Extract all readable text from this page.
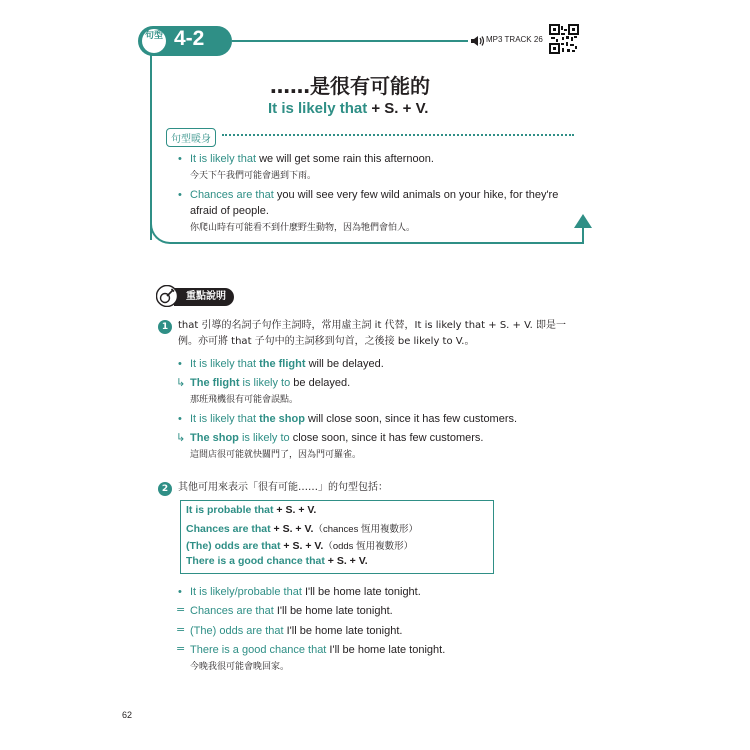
句型 4-2	MP3 TRACK 26
……是很有可能的
It is likely that + S. + V.
句型暖身
• It is likely that we will get some rain this afternoon.
今天下午我們可能會遇到下雨。
• Chances are that you will see very few wild animals on your hike, for they're
afraid of people.
你爬山時有可能看不到什麼野生動物，因為牠們會怕人。
重點說明
1 that 引導的名詞子句作主詞時，常用虛主詞 it 代替，It is likely that + S. + V. 即是一
例。亦可將 that 子句中的主詞移到句首，之後接 be likely to V.。
• It is likely that the flight will be delayed.
↳ The flight is likely to be delayed.
那班飛機很有可能會誤點。
• It is likely that the shop will close soon, since it has few customers.
↳ The shop is likely to close soon, since it has few customers.
這間店很可能就快關門了，因為門可羅雀。
2 其他可用來表示「很有可能……」的句型包括：
It is probable that + S. + V.
Chances are that + S. + V.（chances 恆用複數形）
(The) odds are that + S. + V.（odds 恆用複數形）
There is a good chance that + S. + V.
• It is likely/probable that I'll be home late tonight.
= Chances are that I'll be home late tonight.
= (The) odds are that I'll be home late tonight.
= There is a good chance that I'll be home late tonight.
今晚我很可能會晚回家。
62
